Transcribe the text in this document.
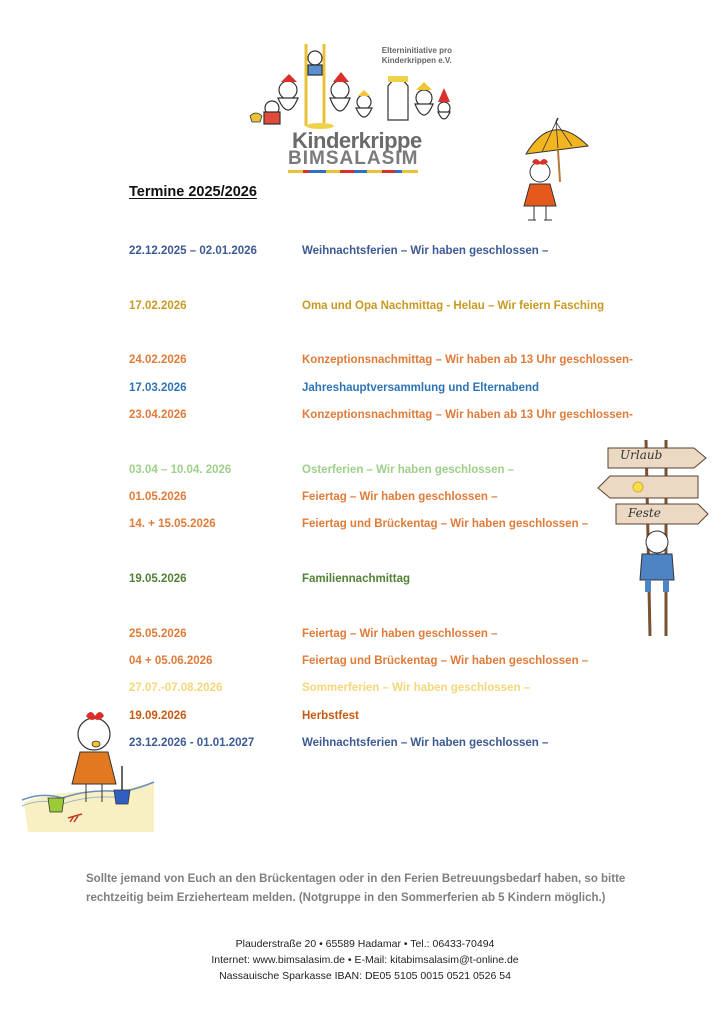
Elterninitiative pro
Kinderkrippen e.V.
Kinderkrippe
BIMSALASIM
Termine 2025/2026
22.12.2025 – 02.01.2026	Weihnachtsferien – Wir haben geschlossen –
17.02.2026	Oma und Opa Nachmittag - Helau – Wir feiern Fasching
24.02.2026	Konzeptionsnachmittag – Wir haben ab 13 Uhr geschlossen-
17.03.2026	Jahreshauptversammlung und Elternabend
23.04.2026	Konzeptionsnachmittag – Wir haben ab 13 Uhr geschlossen-
03.04 – 10.04. 2026	Osterferien – Wir haben geschlossen –
01.05.2026	Feiertag – Wir haben geschlossen –
14. + 15.05.2026	Feiertag und Brückentag – Wir haben geschlossen –
19.05.2026	Familiennachmittag
25.05.2026	Feiertag – Wir haben geschlossen –
04 + 05.06.2026	Feiertag und Brückentag – Wir haben geschlossen –
27.07.-07.08.2026	Sommerferien – Wir haben geschlossen –
19.09.2026	Herbstfest
23.12.2026 - 01.01.2027	Weihnachtsferien – Wir haben geschlossen –
Urlaub
Feste
Sollte jemand von Euch an den Brückentagen oder in den Ferien Betreuungsbedarf haben, so bitte rechtzeitig beim Erzieherteam melden. (Notgruppe in den Sommerferien ab 5 Kindern möglich.)
Plauderstraße 20 • 65589 Hadamar • Tel.: 06433-70494
Internet: www.bimsalasim.de • E-Mail: kitabimsalasim@t-online.de
Nassauische Sparkasse IBAN: DE05 5105 0015 0521 0526 54
